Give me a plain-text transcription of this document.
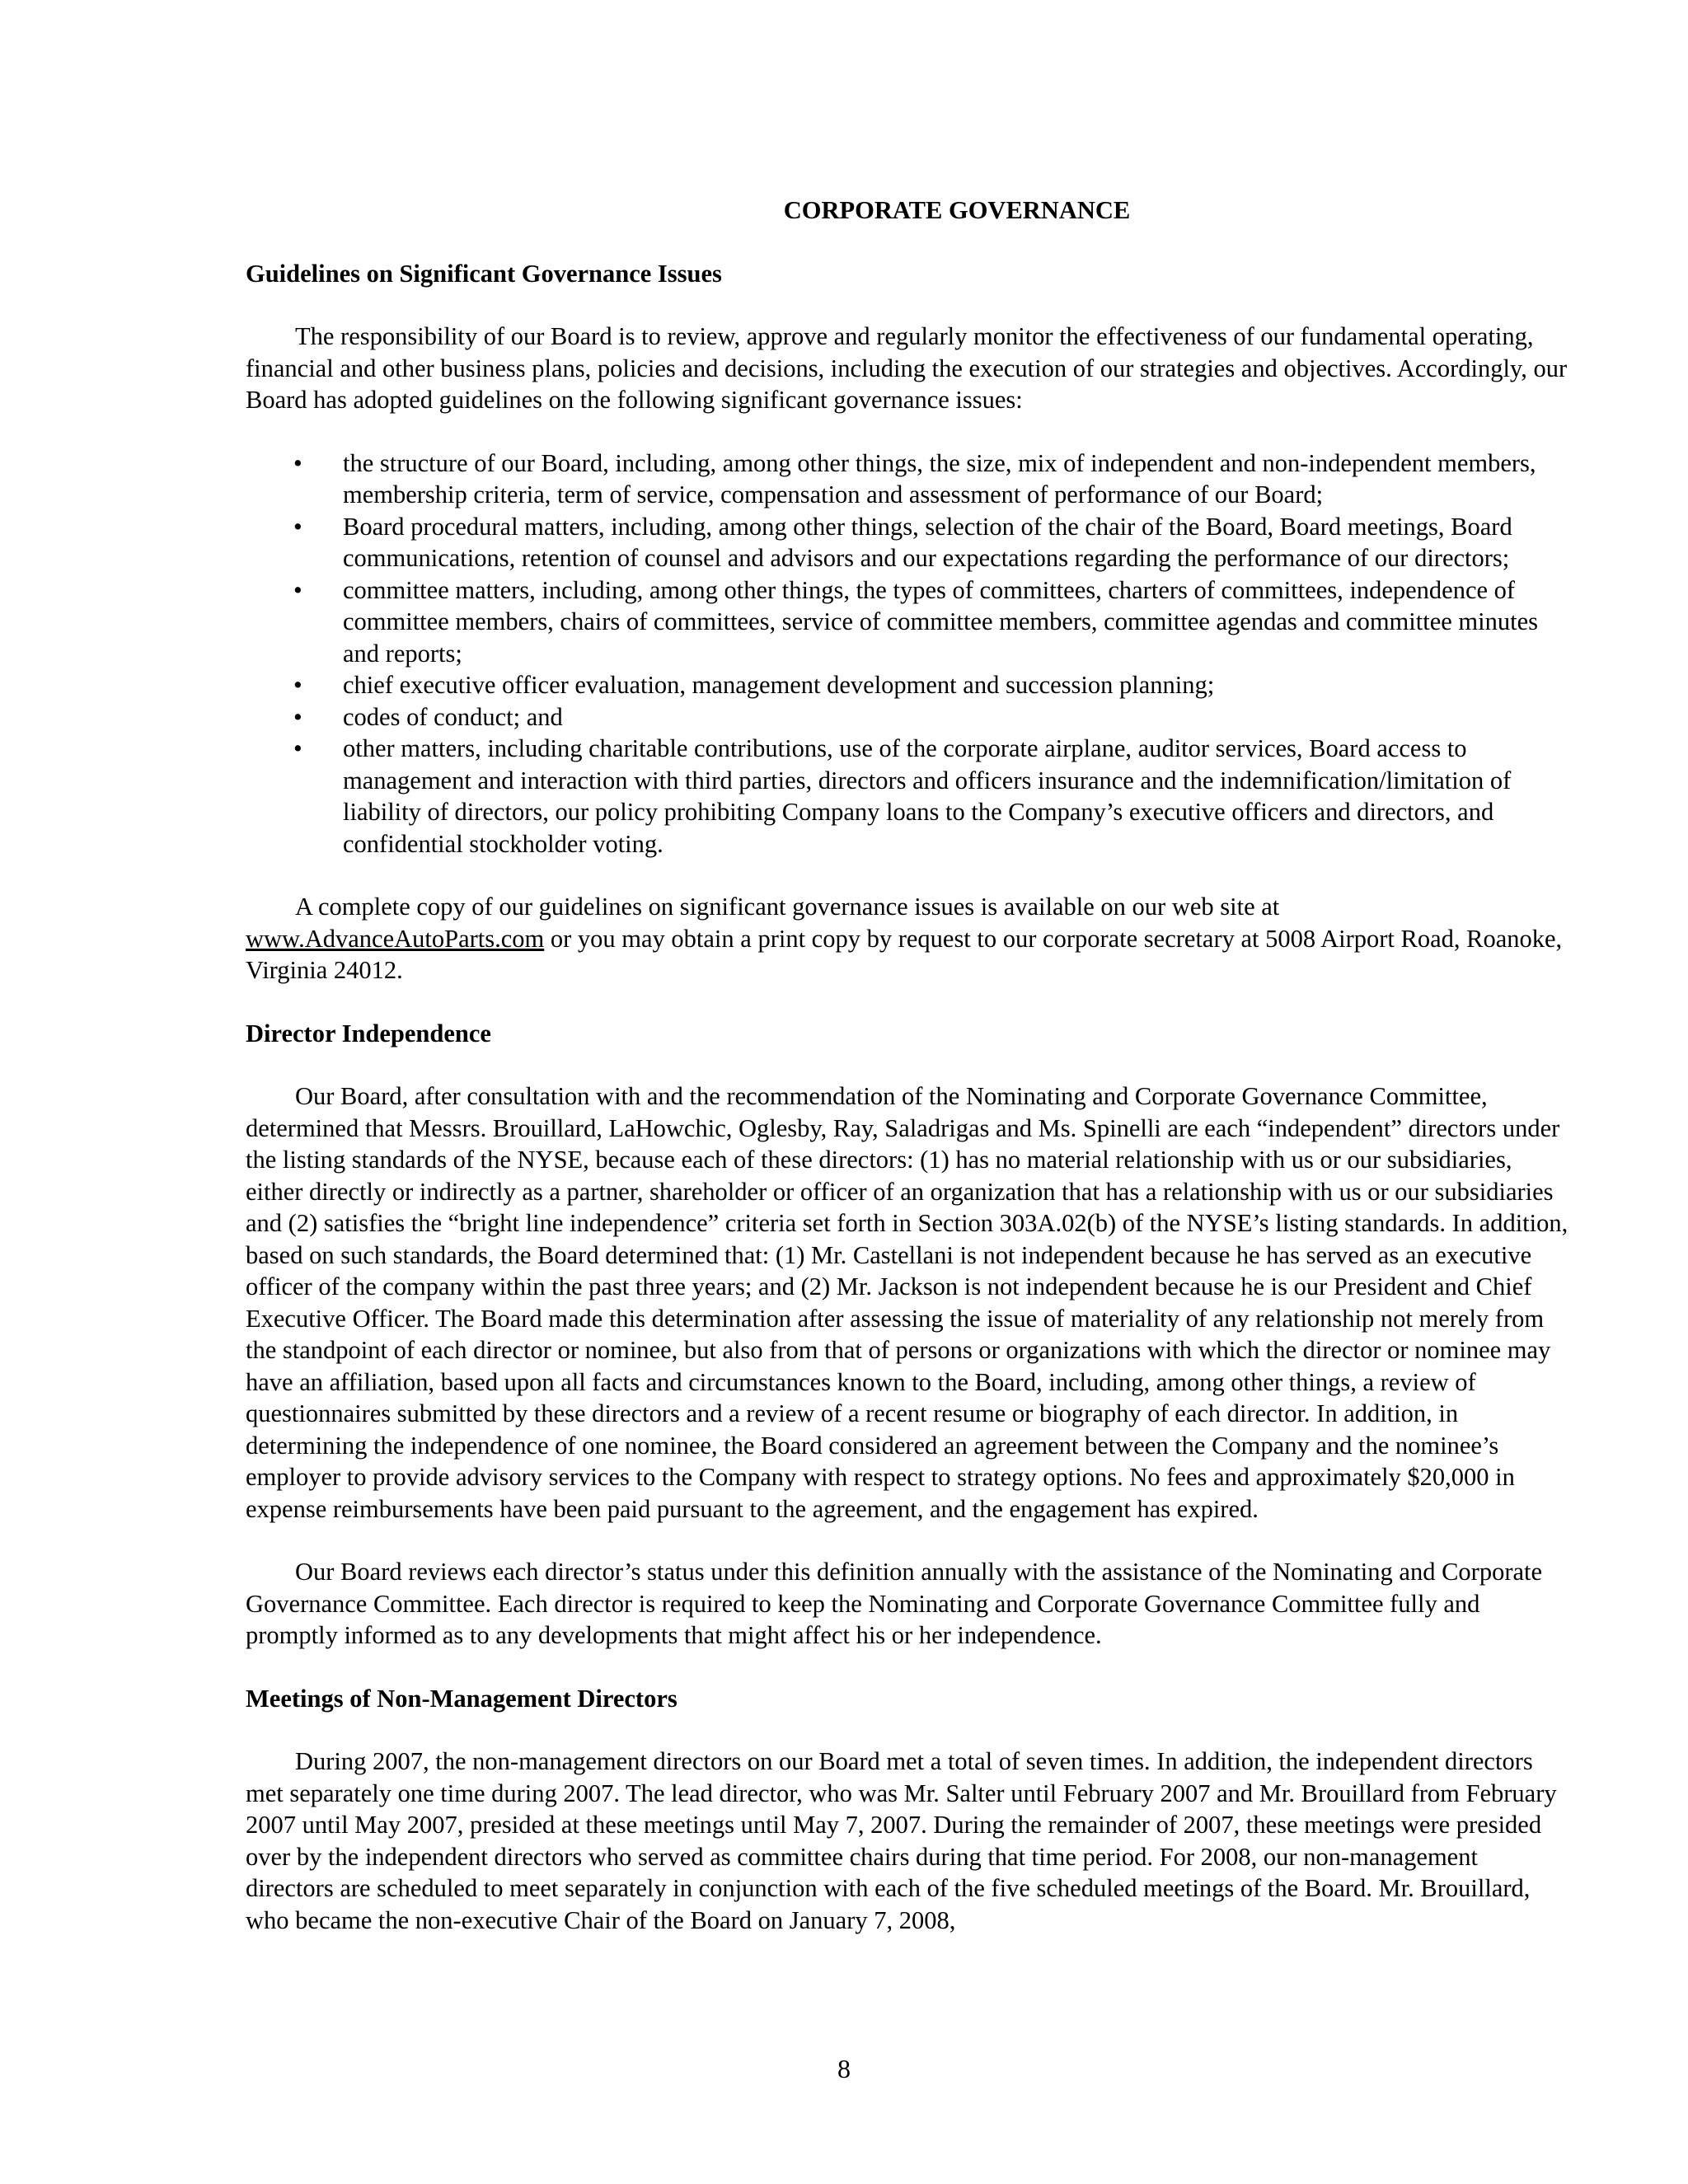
CORPORATE GOVERNANCE
Guidelines on Significant Governance Issues

The responsibility of our Board is to review, approve and regularly monitor the effectiveness of our fundamental operating, financial and other business plans, policies and decisions, including the execution of our strategies and objectives. Accordingly, our Board has adopted guidelines on the following significant governance issues:

• the structure of our Board, including, among other things, the size, mix of independent and non-independent members, membership criteria, term of service, compensation and assessment of performance of our Board;
• Board procedural matters, including, among other things, selection of the chair of the Board, Board meetings, Board communications, retention of counsel and advisors and our expectations regarding the performance of our directors;
• committee matters, including, among other things, the types of committees, charters of committees, independence of committee members, chairs of committees, service of committee members, committee agendas and committee minutes and reports;
• chief executive officer evaluation, management development and succession planning;
• codes of conduct; and
• other matters, including charitable contributions, use of the corporate airplane, auditor services, Board access to management and interaction with third parties, directors and officers insurance and the indemnification/limitation of liability of directors, our policy prohibiting Company loans to the Company’s executive officers and directors, and confidential stockholder voting.

A complete copy of our guidelines on significant governance issues is available on our web site at www.AdvanceAutoParts.com or you may obtain a print copy by request to our corporate secretary at 5008 Airport Road, Roanoke, Virginia 24012.

Director Independence

Our Board, after consultation with and the recommendation of the Nominating and Corporate Governance Committee, determined that Messrs. Brouillard, LaHowchic, Oglesby, Ray, Saladrigas and Ms. Spinelli are each “independent” directors under the listing standards of the NYSE, because each of these directors: (1) has no material relationship with us or our subsidiaries, either directly or indirectly as a partner, shareholder or officer of an organization that has a relationship with us or our subsidiaries and (2) satisfies the “bright line independence” criteria set forth in Section 303A.02(b) of the NYSE’s listing standards. In addition, based on such standards, the Board determined that: (1) Mr. Castellani is not independent because he has served as an executive officer of the company within the past three years; and (2) Mr. Jackson is not independent because he is our President and Chief Executive Officer. The Board made this determination after assessing the issue of materiality of any relationship not merely from the standpoint of each director or nominee, but also from that of persons or organizations with which the director or nominee may have an affiliation, based upon all facts and circumstances known to the Board, including, among other things, a review of questionnaires submitted by these directors and a review of a recent resume or biography of each director. In addition, in determining the independence of one nominee, the Board considered an agreement between the Company and the nominee’s employer to provide advisory services to the Company with respect to strategy options. No fees and approximately $20,000 in expense reimbursements have been paid pursuant to the agreement, and the engagement has expired.

Our Board reviews each director’s status under this definition annually with the assistance of the Nominating and Corporate Governance Committee. Each director is required to keep the Nominating and Corporate Governance Committee fully and promptly informed as to any developments that might affect his or her independence.

Meetings of Non-Management Directors

During 2007, the non-management directors on our Board met a total of seven times. In addition, the independent directors met separately one time during 2007. The lead director, who was Mr. Salter until February 2007 and Mr. Brouillard from February 2007 until May 2007, presided at these meetings until May 7, 2007. During the remainder of 2007, these meetings were presided over by the independent directors who served as committee chairs during that time period. For 2008, our non-management directors are scheduled to meet separately in conjunction with each of the five scheduled meetings of the Board. Mr. Brouillard, who became the non-executive Chair of the Board on January 7, 2008,

8
